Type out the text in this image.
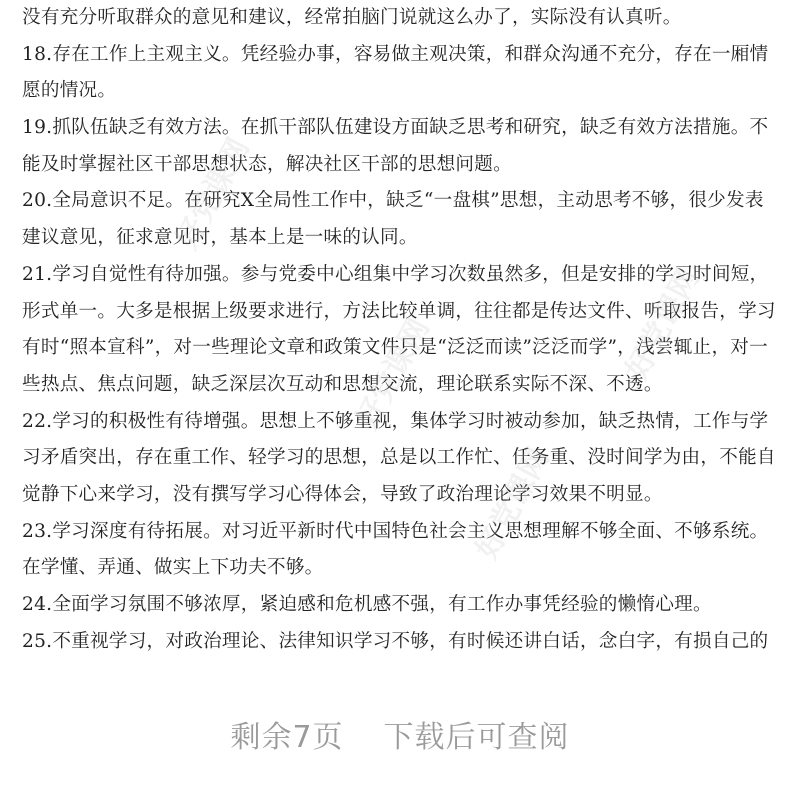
没有充分听取群众的意见和建议，经常拍脑门说就这么办了，实际没有认真听。
18.存在工作上主观主义。凭经验办事，容易做主观决策，和群众沟通不充分，存在一厢情
愿的情况。
19.抓队伍缺乏有效方法。在抓干部队伍建设方面缺乏思考和研究，缺乏有效方法措施。不
能及时掌握社区干部思想状态，解决社区干部的思想问题。
20.全局意识不足。在研究X全局性工作中，缺乏“一盘棋”思想，主动思考不够，很少发表
建议意见，征求意见时，基本上是一味的认同。
21.学习自觉性有待加强。参与党委中心组集中学习次数虽然多，但是安排的学习时间短，
形式单一。大多是根据上级要求进行，方法比较单调，往往都是传达文件、听取报告，学习
有时“照本宣科”，对一些理论文章和政策文件只是“泛泛而读”泛泛而学”，浅尝辄止，对一
些热点、焦点问题，缺乏深层次互动和思想交流，理论联系实际不深、不透。
22.学习的积极性有待增强。思想上不够重视，集体学习时被动参加，缺乏热情，工作与学
习矛盾突出，存在重工作、轻学习的思想，总是以工作忙、任务重、没时间学为由，不能自
觉静下心来学习，没有撰写学习心得体会，导致了政治理论学习效果不明显。
23.学习深度有待拓展。对习近平新时代中国特色社会主义思想理解不够全面、不够系统。
在学懂、弄通、做实上下功夫不够。
24.全面学习氛围不够浓厚，紧迫感和危机感不强，有工作办事凭经验的懒惰心理。
25.不重视学习，对政治理论、法律知识学习不够，有时候还讲白话，念白字，有损自己的
好党课网
好党课网
好党课网
好党课网
剩余7页 下载后可查阅
